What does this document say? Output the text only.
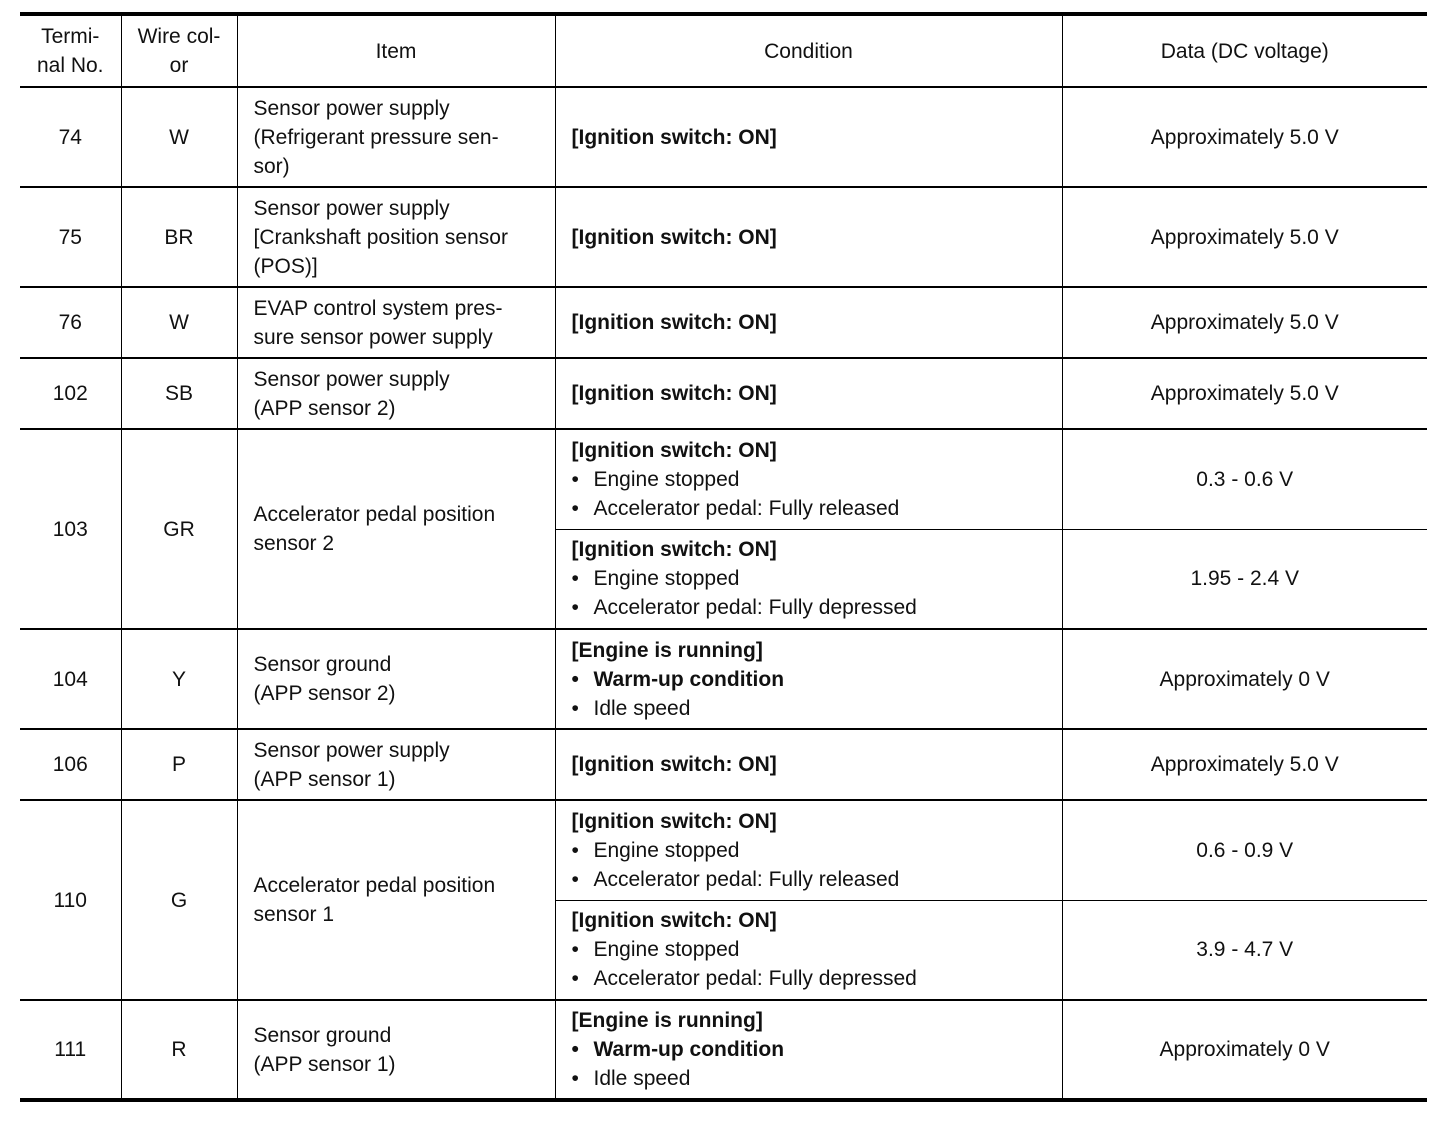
Termi-
nal No.	Wire col-
or	Item	Condition	Data (DC voltage)
74	W	Sensor power supply
(Refrigerant pressure sen-
sor)	[Ignition switch: ON]	Approximately 5.0 V
75	BR	Sensor power supply
[Crankshaft position sensor
(POS)]	[Ignition switch: ON]	Approximately 5.0 V
76	W	EVAP control system pres-
sure sensor power supply	[Ignition switch: ON]	Approximately 5.0 V
102	SB	Sensor power supply
(APP sensor 2)	[Ignition switch: ON]	Approximately 5.0 V
103	GR	Accelerator pedal position
sensor 2	[Ignition switch: ON]
• Engine stopped
• Accelerator pedal: Fully released	0.3 - 0.6 V

			[Ignition switch: ON]
• Engine stopped
• Accelerator pedal: Fully depressed	1.95 - 2.4 V
104	Y	Sensor ground
(APP sensor 2)	[Engine is running]
• Warm-up condition
• Idle speed	Approximately 0 V
106	P	Sensor power supply
(APP sensor 1)	[Ignition switch: ON]	Approximately 5.0 V
110	G	Accelerator pedal position
sensor 1	[Ignition switch: ON]
• Engine stopped
• Accelerator pedal: Fully released	0.6 - 0.9 V

			[Ignition switch: ON]
• Engine stopped
• Accelerator pedal: Fully depressed	3.9 - 4.7 V
111	R	Sensor ground
(APP sensor 1)	[Engine is running]
• Warm-up condition
• Idle speed	Approximately 0 V
